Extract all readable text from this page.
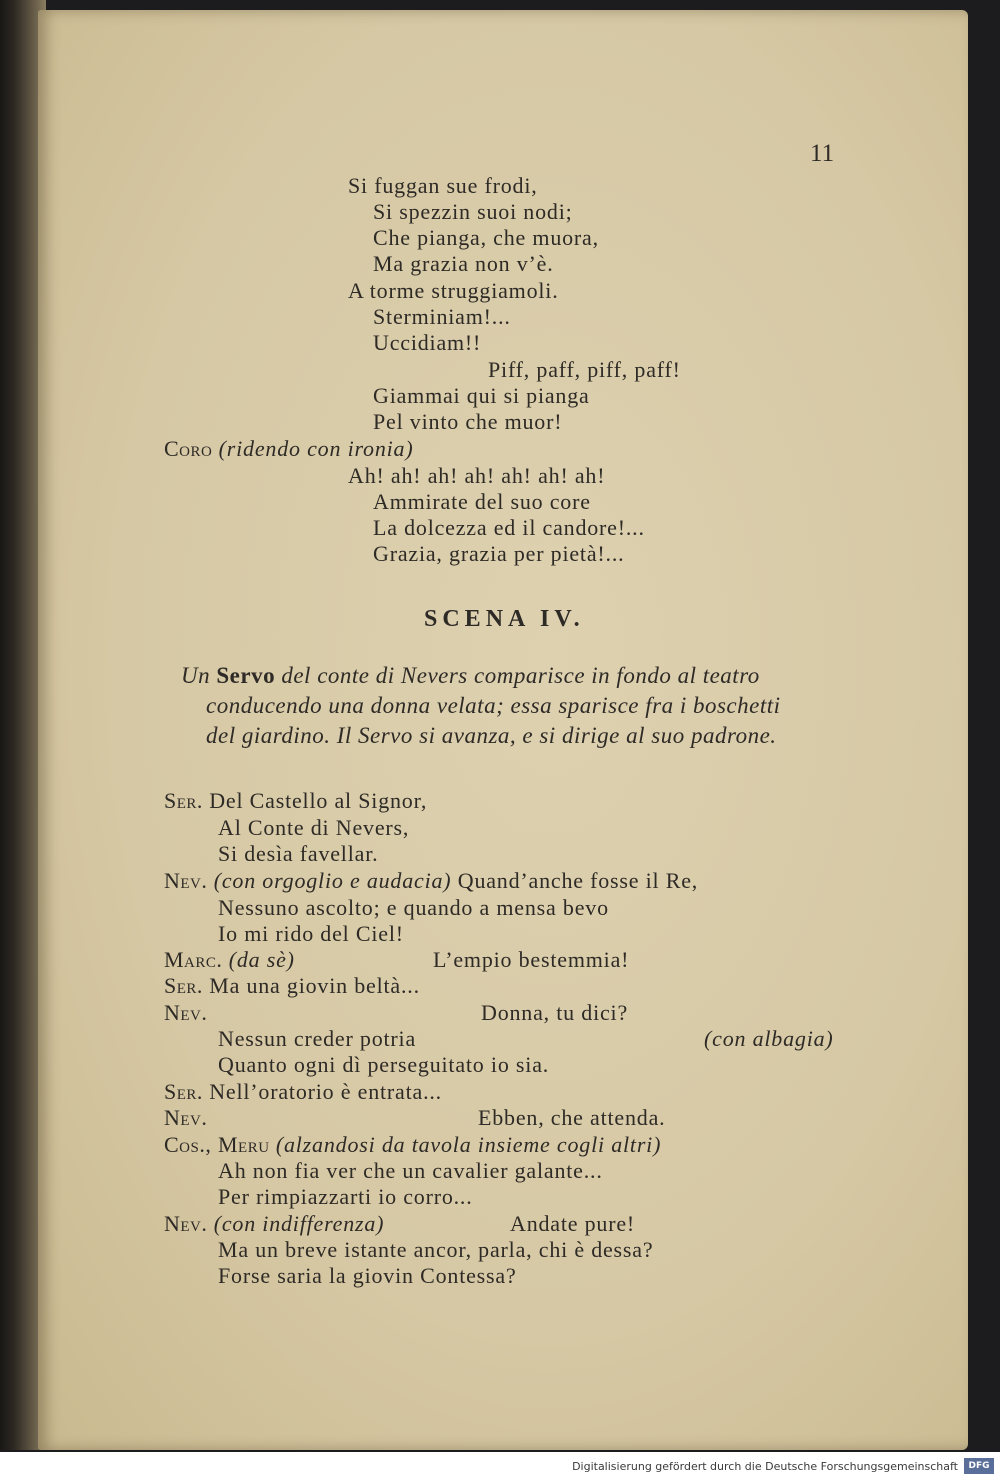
11
Si fuggan sue frodi,
Si spezzin suoi nodi;
Che pianga, che muora,
Ma grazia non v’è.
A torme struggiamoli.
Sterminiam!...
Uccidiam!!
Piff, paff, piff, paff!
Giammai qui si pianga
Pel vinto che muor!
Coro (ridendo con ironia)
Ah! ah! ah! ah! ah! ah! ah!
Ammirate del suo core
La dolcezza ed il candore!...
Grazia, grazia per pietà!...
SCENA IV.
Un Servo del conte di Nevers comparisce in fondo al teatro
conducendo una donna velata; essa sparisce fra i boschetti
del giardino. Il Servo si avanza, e si dirige al suo padrone.
Ser. Del Castello al Signor,
Al Conte di Nevers,
Si desìa favellar.
Nev. (con orgoglio e audacia) Quand’anche fosse il Re,
Nessuno ascolto; e quando a mensa bevo
Io mi rido del Ciel!
Marc. (da sè)	L’empio bestemmia!
Ser. Ma una giovin beltà...
Nev.	Donna, tu dici?
Nessun creder potria	(con albagia)
Quanto ogni dì perseguitato io sia.
Ser. Nell’oratorio è entrata...
Nev.	Ebben, che attenda.
Cos., Meru (alzandosi da tavola insieme cogli altri)
Ah non fia ver che un cavalier galante...
Per rimpiazzarti io corro...
Nev. (con indifferenza)	Andate pure!
Ma un breve istante ancor, parla, chi è dessa?
Forse saria la giovin Contessa?
Digitalisierung gefördert durch die Deutsche Forschungsgemeinschaft	DFG
